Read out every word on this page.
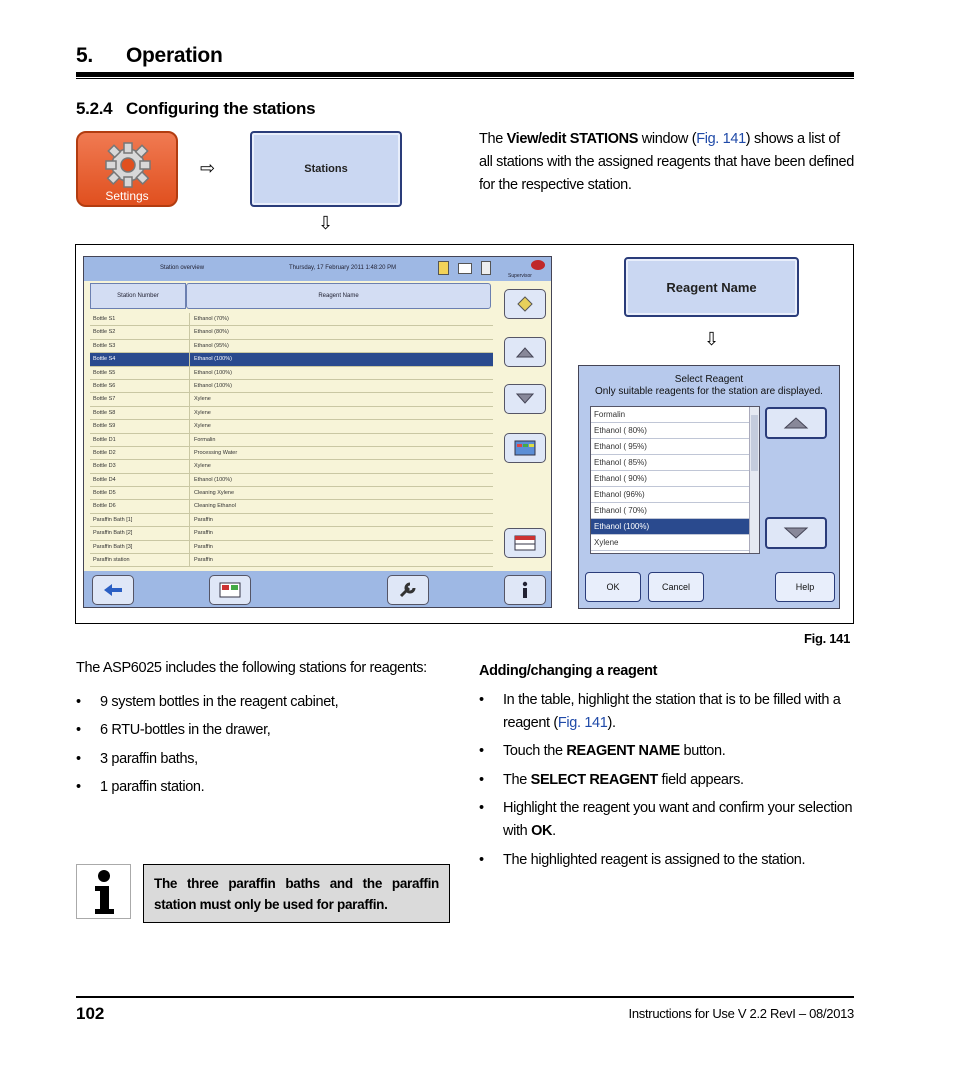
5. Operation
5.2.4 Configuring the stations
Settings
⇨	Stations
⇩
The View/edit STATIONS window (Fig. 141) shows a list of all stations with the assigned reagents that have been defined for the respective station.
Station overview	Thursday, 17 February 2011 1:48:20 PM
Supervisor
Station Number	Reagent Name
Bottle S1	Ethanol (70%)
Bottle S2	Ethanol (80%)
Bottle S3	Ethanol (95%)
Bottle S4	Ethanol (100%)
Bottle S5	Ethanol (100%)
Bottle S6	Ethanol (100%)
Bottle S7	Xylene
Bottle S8	Xylene
Bottle S9	Xylene
Bottle D1	Formalin
Bottle D2	Processing Water
Bottle D3	Xylene
Bottle D4	Ethanol (100%)
Bottle D5	Cleaning Xylene
Bottle D6	Cleaning Ethanol
Paraffin Bath [1]	Paraffin
Paraffin Bath [2]	Paraffin
Paraffin Bath [3]	Paraffin
Paraffin station	Paraffin
Reagent Name
⇩
Select Reagent
Only suitable reagents for the station are displayed.
Formalin
Ethanol ( 80%)
Ethanol ( 95%)
Ethanol ( 85%)
Ethanol ( 90%)
Ethanol (96%)
Ethanol ( 70%)
Ethanol (100%)
Xylene
OK	Cancel	Help
Fig. 141
The ASP6025 includes the following stations for reagents:
• 9 system bottles in the reagent cabinet,
• 6 RTU-bottles in the drawer,
• 3 paraffin baths,
• 1 paraffin station.
Adding/changing a reagent
• In the table, highlight the station that is to be filled with a
reagent (Fig. 141).
• Touch the REAGENT NAME button.
• The SELECT REAGENT field appears.
• Highlight the reagent you want and confirm your selection
with OK.
• The highlighted reagent is assigned to the station.
The three paraffin baths and the paraffin station must only be used for paraffin.
102	Instructions for Use V 2.2 RevI – 08/2013
